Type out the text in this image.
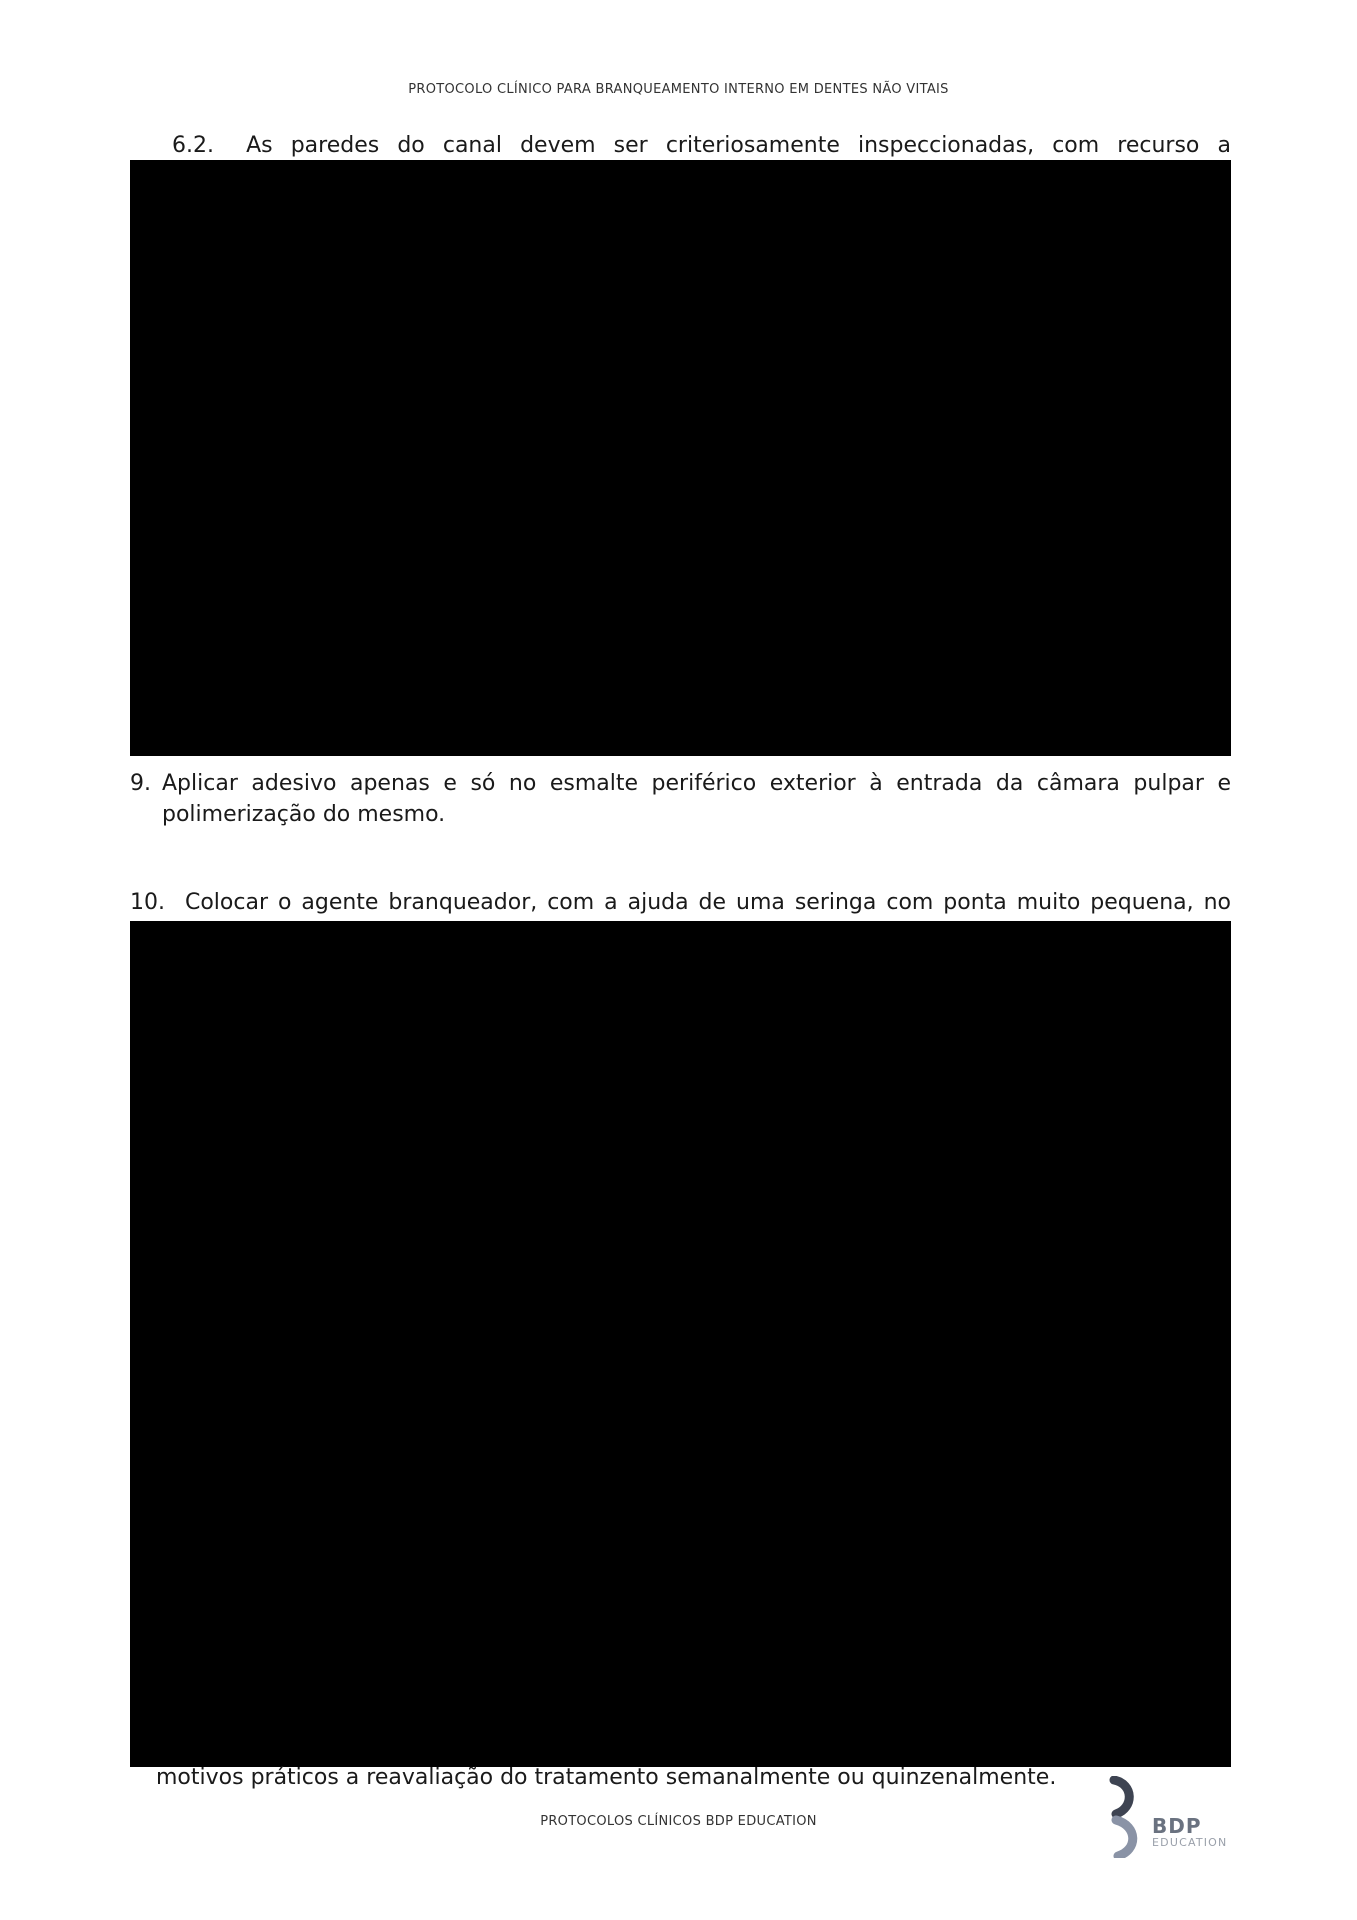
PROTOCOLO CLÍNICO PARA BRANQUEAMENTO INTERNO EM DENTES NÃO VITAIS
6.2. As paredes do canal devem ser criteriosamente inspeccionadas, com recurso a
9. Aplicar adesivo apenas e só no esmalte periférico exterior à entrada da câmara pulpar e polimerização do mesmo.
10. Colocar o agente branqueador, com a ajuda de uma seringa com ponta muito pequena, no
motivos práticos a reavaliação do tratamento semanalmente ou quinzenalmente.
PROTOCOLOS CLÍNICOS BDP EDUCATION	BDP
EDUCATION
